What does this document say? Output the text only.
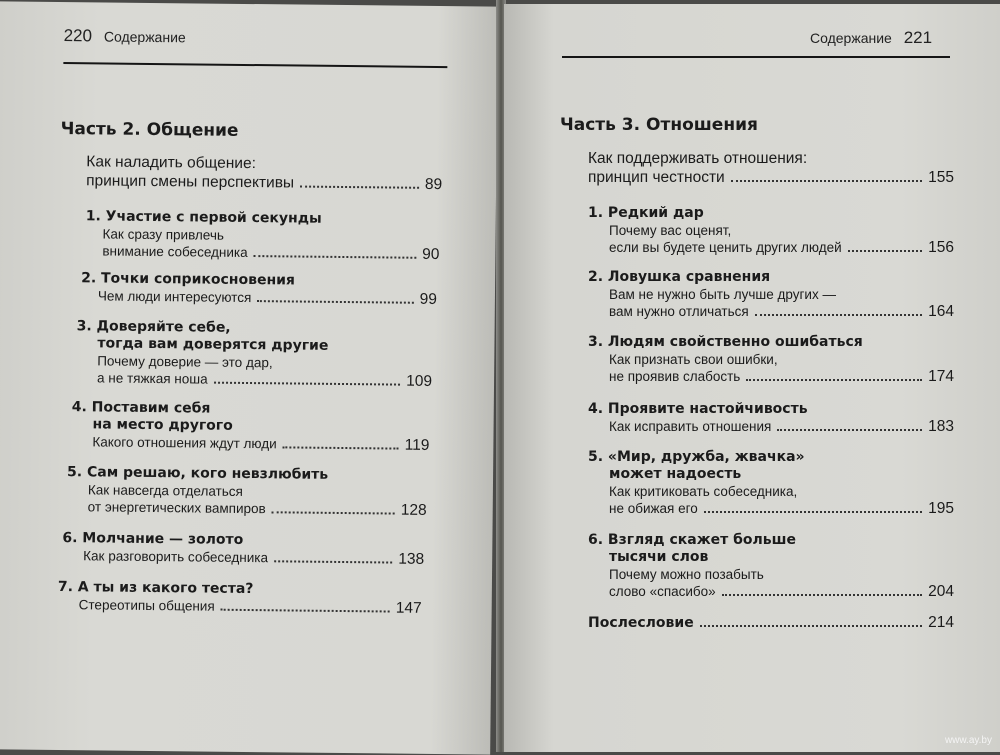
220 Содержание
Часть 2. Общение
Как наладить общение:
принцип смены перспективы	89
1. Участие с первой секунды
Как сразу привлечь
внимание собеседника	90
2. Точки соприкосновения
Чем люди интересуются	99
3. Доверяйте себе,
тогда вам доверятся другие
Почему доверие — это дар,
а не тяжкая ноша	109
4. Поставим себя
на место другого
Какого отношения ждут люди	119
5. Сам решаю, кого невзлюбить
Как навсегда отделаться
от энергетических вампиров	128
6. Молчание — золото
Как разговорить собеседника	138
7. А ты из какого теста?
Стереотипы общения	147
Содержание 221
Часть 3. Отношения
Как поддерживать отношения:
принцип честности	155
1. Редкий дар
Почему вас оценят,
если вы будете ценить других людей	156
2. Ловушка сравнения
Вам не нужно быть лучше других —
вам нужно отличаться	164
3. Людям свойственно ошибаться
Как признать свои ошибки,
не проявив слабость	174
4. Проявите настойчивость
Как исправить отношения	183
5. «Мир, дружба, жвачка»
может надоесть
Как критиковать собеседника,
не обижая его	195
6. Взгляд скажет больше
тысячи слов
Почему можно позабыть
слово «спасибо»	204
Послесловие	214
www.ay.by
